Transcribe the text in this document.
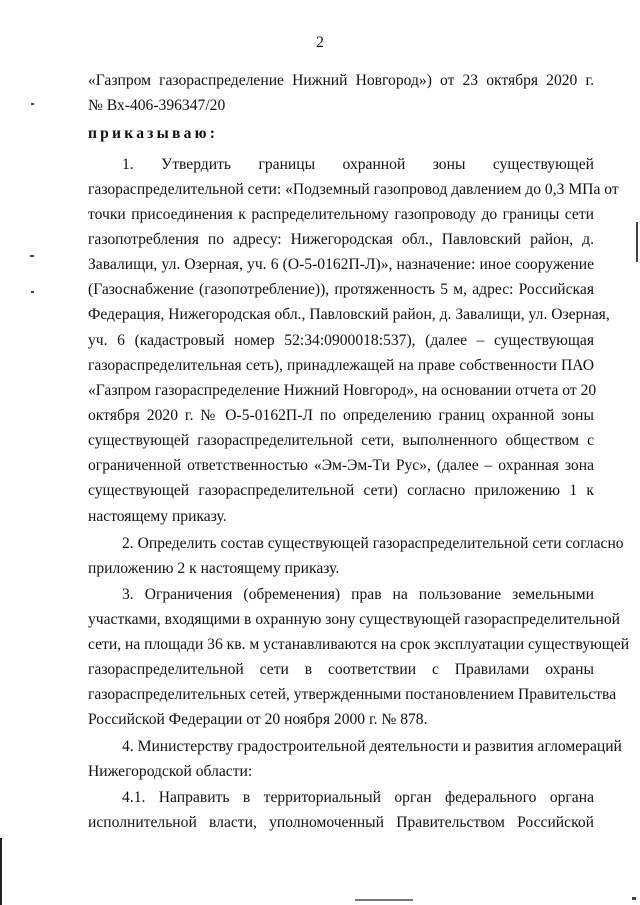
2
«Газпром газораспределение Нижний Новгород») от 23 октября 2020 г.
№ Вх-406-396347/20
приказываю:
1. Утвердить границы охранной зоны существующей
газораспределительной сети: «Подземный газопровод давлением до 0,3 МПа от
точки присоединения к распределительному газопроводу до границы сети
газопотребления по адресу: Нижегородская обл., Павловский район, д.
Завалищи, ул. Озерная, уч. 6 (О-5-0162П-Л)», назначение: иное сооружение
(Газоснабжение (газопотребление)), протяженность 5 м, адрес: Российская
Федерация, Нижегородская обл., Павловский район, д. Завалищи, ул. Озерная,
уч. 6 (кадастровый номер 52:34:0900018:537), (далее – существующая
газораспределительная сеть), принадлежащей на праве собственности ПАО
«Газпром газораспределение Нижний Новгород», на основании отчета от 20
октября 2020 г. № О-5-0162П-Л по определению границ охранной зоны
существующей газораспределительной сети, выполненного обществом с
ограниченной ответственностью «Эм-Эм-Ти Рус», (далее – охранная зона
существующей газораспределительной сети) согласно приложению 1 к
настоящему приказу.
2. Определить состав существующей газораспределительной сети согласно
приложению 2 к настоящему приказу.
3. Ограничения (обременения) прав на пользование земельными
участками, входящими в охранную зону существующей газораспределительной
сети, на площади 36 кв. м устанавливаются на срок эксплуатации существующей
газораспределительной сети в соответствии с Правилами охраны
газораспределительных сетей, утвержденными постановлением Правительства
Российской Федерации от 20 ноября 2000 г. № 878.
4. Министерству градостроительной деятельности и развития агломераций
Нижегородской области:
4.1. Направить в территориальный орган федерального органа
исполнительной власти, уполномоченный Правительством Российской
